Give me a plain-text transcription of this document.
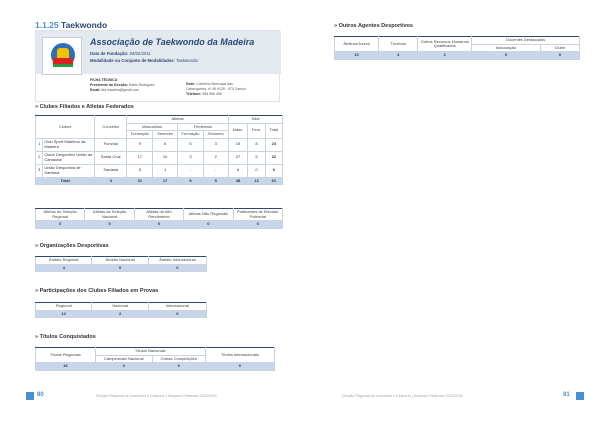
1.1.25 Taekwondo
Associação de Taekwondo da Madeira
Data de Fundação: 04/02/2011
Modalidade ou Conjunto de Modalidades: Taekwondo
FICHA TÉCNICA
Presidente da Direção: Mário Rodrigues
Email: tkd.madeira@gmail.com
Sede: Caminho Municipal das
Cabouqueira, nº 45 9125 - 070 Caniço
Telefone: 966 556 456
» Clubes Filiados e Atletas Federados
Clubes		Concelho	Atletas				Total		
			Masculinos		Femininos		Masc.	Fem.	Total
			Formação	Seniores	Formação	Seniores			
1	Club Sport Marítimo da Madeira	Funchal	9	6	5	3	15	8	23
2	Clube Desportivo União da Camacha	Santa Cruz	17	10	3	2	27	5	32
3	União Desportiva de Santana	Santana	5	1	-	-	6	0	6
Total		3	31	17	8	5	48	13	61
Atletas de Seleção Regional	Atletas de Seleção Nacional	Atletas de Alto Rendimento	Atletas Não Regionais	Praticantes de Elevado Potencial
0	0	0	0	0
» Organizações Desportivas
Âmbito Regional	Âmbito Nacional	Âmbito Internacional
4	0	0
» Participações dos Clubes Filiados em Provas
Regional	Nacional	Internacional
12	2	0
» Títulos Conquistados
Títulos Regionais	Títulos Nacionais		Títulos Internacionais
	Campeonato Nacional	Outras Competições	
16	0	0	0
80	Direção Regional de Juventude e Desporto | Desporto Federado 2015/2016
» Outros Agentes Desportivos
Árbitros/Juízes	Técnicos	Outros Recursos Humanos Qualificados	Docentes Destacados	
			Associação	Clube
10	4	2	0	0
Direção Regional de Juventude e Desporto | Desporto Federado 2015/2016	81
